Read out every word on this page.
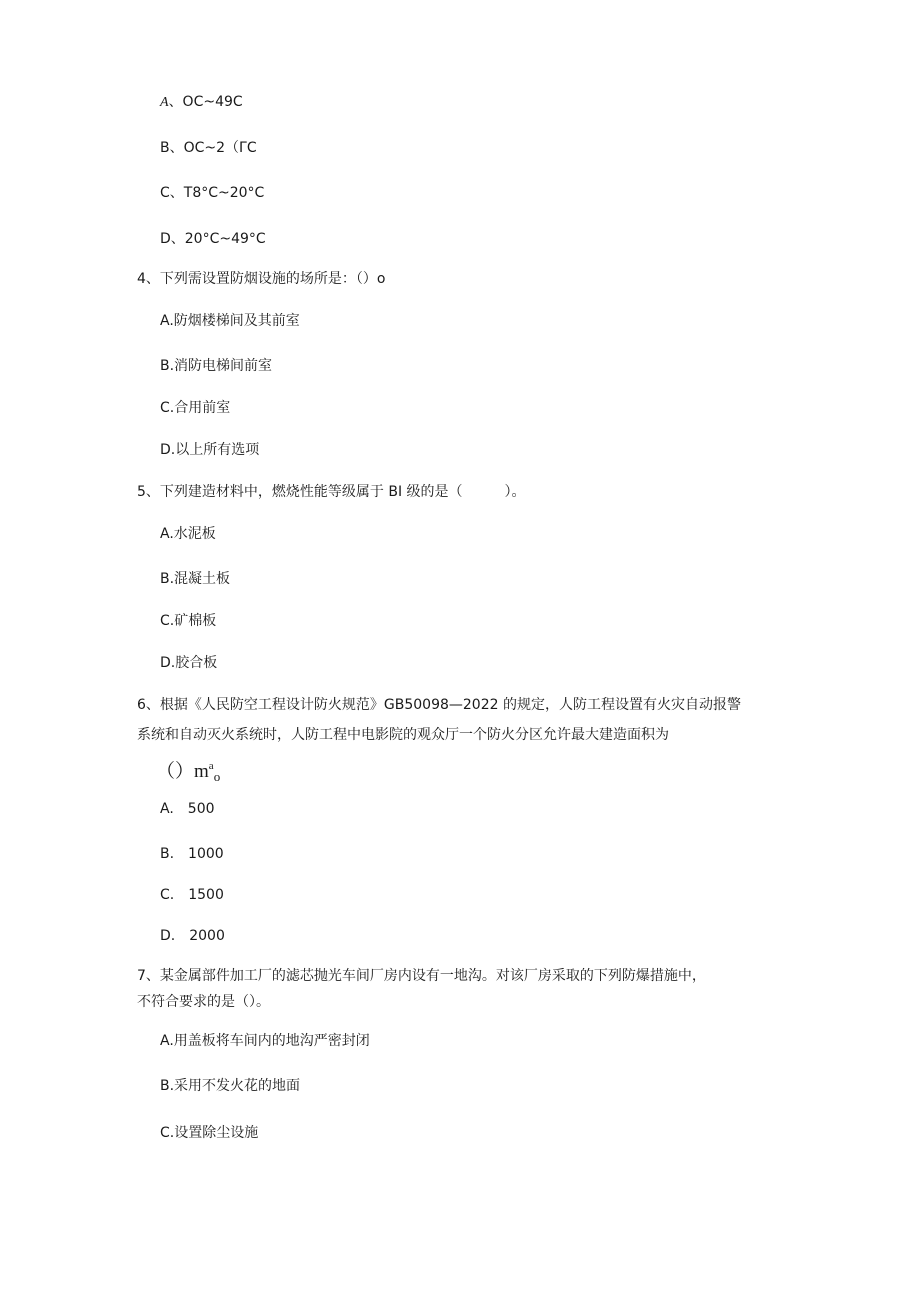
A、OC~49C
B、OC~2（ΓC
C、T8°C~20°C
D、20°C~49°C
4、下列需设置防烟设施的场所是：（）o
A.防烟楼梯间及其前室
B.消防电梯间前室
C.合用前室
D.以上所有选项
5、下列建造材料中，燃烧性能等级属于 BI 级的是（　　　）。
A.水泥板
B.混凝土板
C.矿棉板
D.胶合板
6、根据《人民防空工程设计防火规范》GB50098—2022 的规定，人防工程设置有火灾自动报警
系统和自动灭火系统时，人防工程中电影院的观众厅一个防火分区允许最大建造面积为
$()m^a_o$
A.　500
B.　1000
C.　1500
D.　2000
7、某金属部件加工厂的滤芯抛光车间厂房内设有一地沟。对该厂房采取的下列防爆措施中，
不符合要求的是（）。
A.用盖板将车间内的地沟严密封闭
B.采用不发火花的地面
C.设置除尘设施
